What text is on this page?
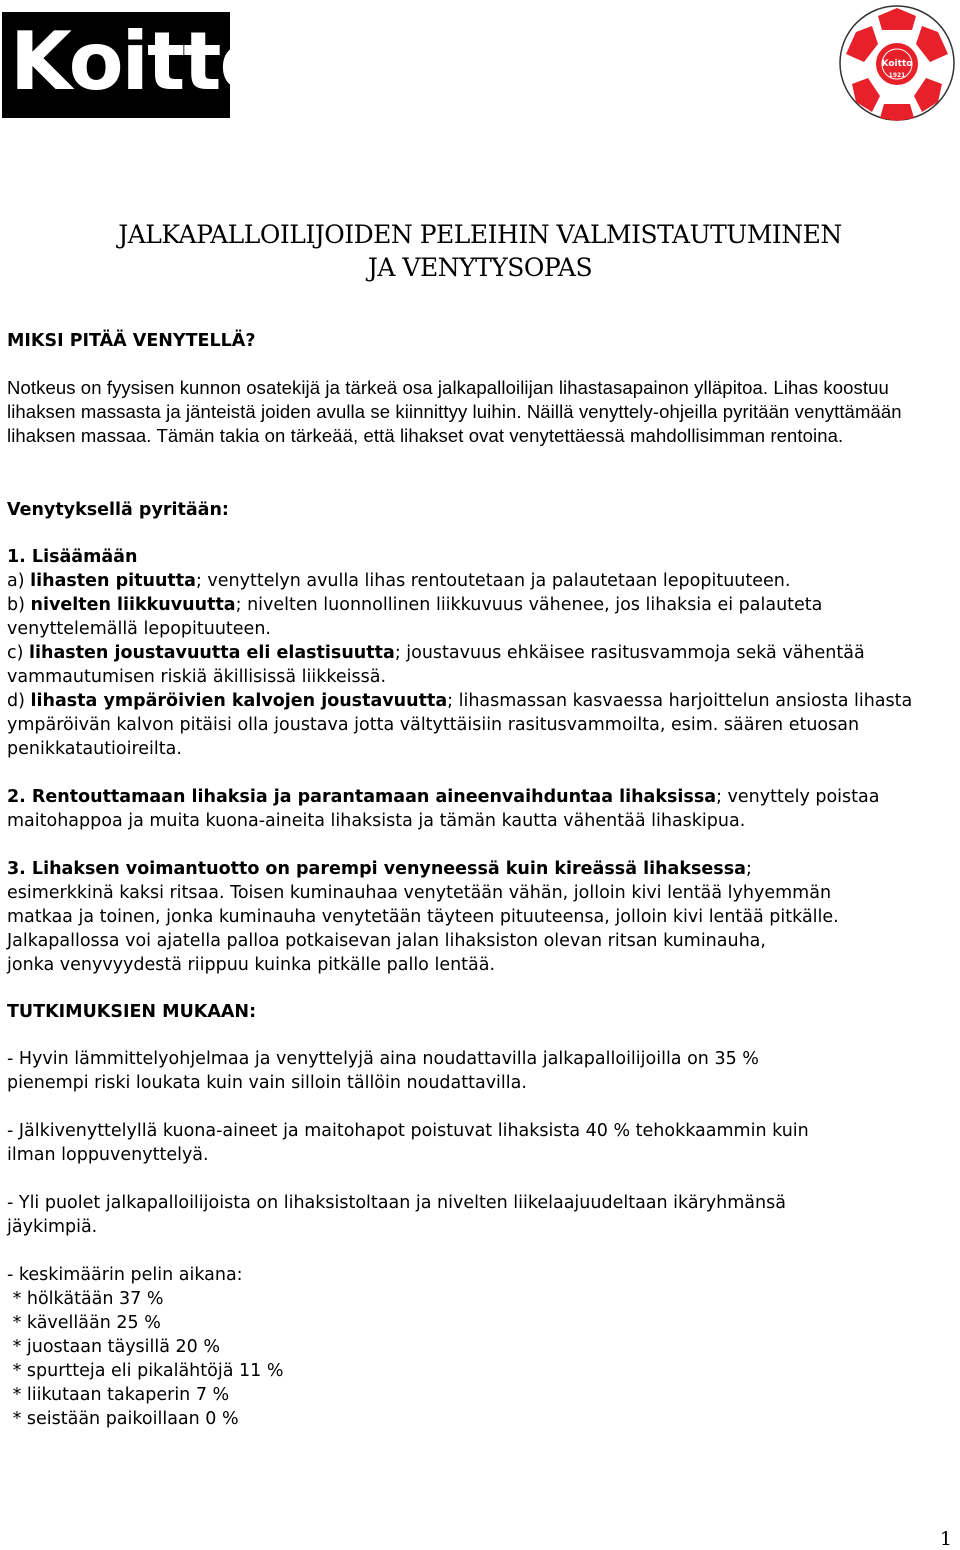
Koitto	Koitto
1921
JALKAPALLOILIJOIDEN PELEIHIN VALMISTAUTUMINEN
JA VENYTYSOPAS

MIKSI PITÄÄ VENYTELLÄ?

Notkeus on fyysisen kunnon osatekijä ja tärkeä osa jalkapalloilijan lihastasapainon ylläpitoa. Lihas koostuu lihaksen massasta ja jänteistä joiden avulla se kiinnittyy luihin. Näillä venyttely-ohjeilla pyritään venyttämään lihaksen massaa. Tämän takia on tärkeää, että lihakset ovat venytettäessä mahdollisimman rentoina.

Venytyksellä pyritään:

1. Lisäämään

a) lihasten pituutta; venyttelyn avulla lihas rentoutetaan ja palautetaan lepopituuteen.

b) nivelten liikkuvuutta; nivelten luonnollinen liikkuvuus vähenee, jos lihaksia ei palauteta venyttelemällä lepopituuteen.

c) lihasten joustavuutta eli elastisuutta; joustavuus ehkäisee rasitusvammoja sekä vähentää vammautumisen riskiä äkillisissä liikkeissä.

d) lihasta ympäröivien kalvojen joustavuutta; lihasmassan kasvaessa harjoittelun ansiosta lihasta ympäröivän kalvon pitäisi olla joustava jotta vältyttäisiin rasitusvammoilta, esim. säären etuosan penikkatautioireilta.

2. Rentouttamaan lihaksia ja parantamaan aineenvaihduntaa lihaksissa; venyttely poistaa maitohappoa ja muita kuona-aineita lihaksista ja tämän kautta vähentää lihaskipua.

3. Lihaksen voimantuotto on parempi venyneessä kuin kireässä lihaksessa;
esimerkkinä kaksi ritsaa. Toisen kuminauhaa venytetään vähän, jolloin kivi lentää lyhyemmän
matkaa ja toinen, jonka kuminauha venytetään täyteen pituuteensa, jolloin kivi lentää pitkälle.
Jalkapallossa voi ajatella palloa potkaisevan jalan lihaksiston olevan ritsan kuminauha,
jonka venyvyydestä riippuu kuinka pitkälle pallo lentää.

TUTKIMUKSIEN MUKAAN:

- Hyvin lämmittelyohjelmaa ja venyttelyjä aina noudattavilla jalkapalloilijoilla on 35 %
pienempi riski loukata kuin vain silloin tällöin noudattavilla.

- Jälkivenyttelyllä kuona-aineet ja maitohapot poistuvat lihaksista 40 % tehokkaammin kuin
ilman loppuvenyttelyä.

- Yli puolet jalkapalloilijoista on lihaksistoltaan ja nivelten liikelaajuudeltaan ikäryhmänsä
jäykimpiä.

- keskimäärin pelin aikana:
* hölkätään 37 %
* kävellään 25 %
* juostaan täysillä 20 %
* spurtteja eli pikalähtöjä 11 %
* liikutaan takaperin 7 %
* seistään paikoillaan 0 %
1
